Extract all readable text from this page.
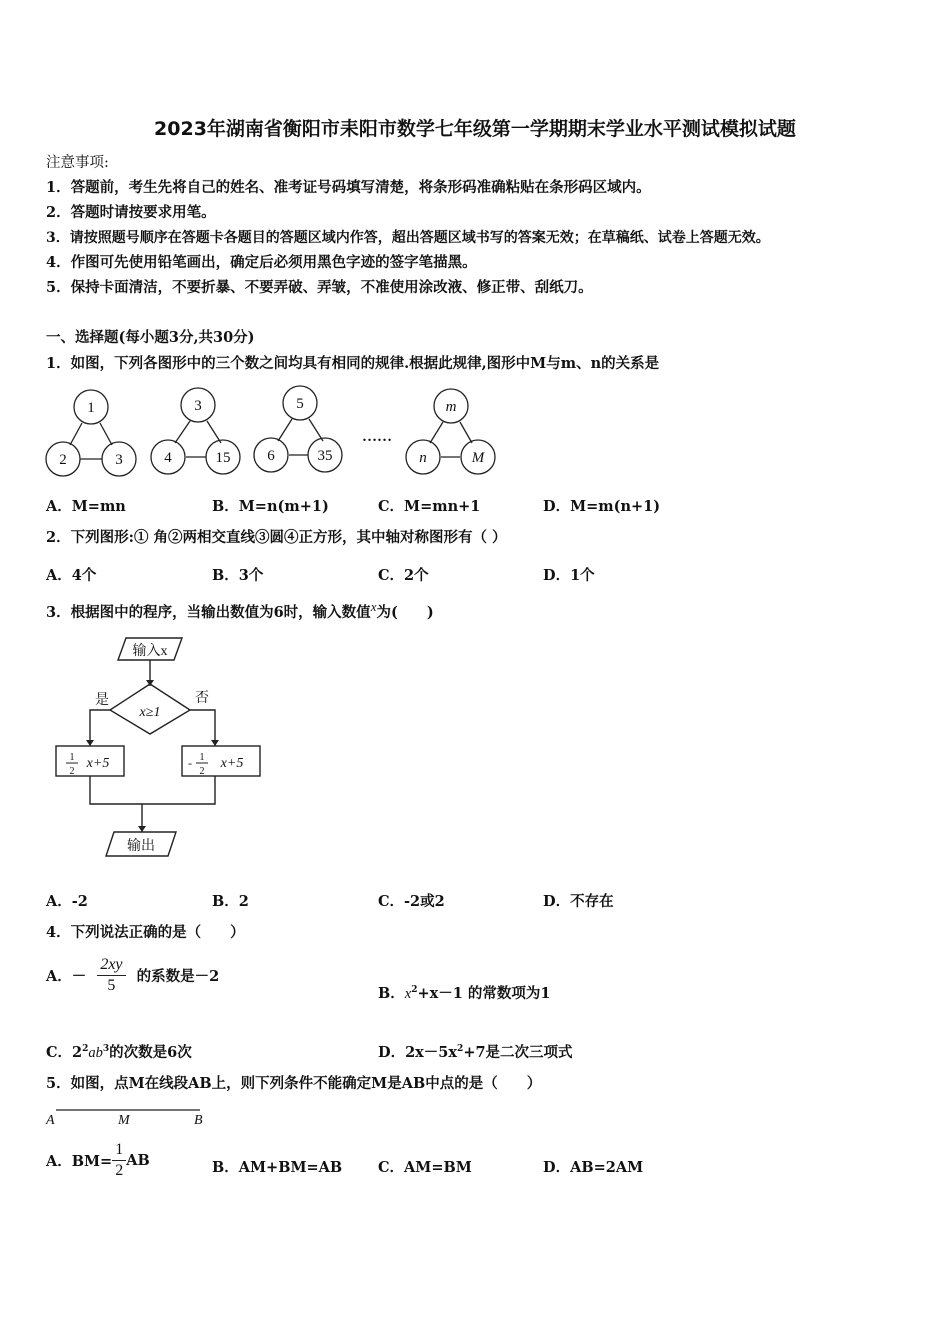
2023年湖南省衡阳市耒阳市数学七年级第一学期期末学业水平测试模拟试题
注意事项:
1．答题前，考生先将自己的姓名、准考证号码填写清楚，将条形码准确粘贴在条形码区域内。
2．答题时请按要求用笔。
3．请按照题号顺序在答题卡各题目的答题区域内作答，超出答题区域书写的答案无效；在草稿纸、试卷上答题无效。
4．作图可先使用铅笔画出，确定后必须用黑色字迹的签字笔描黑。
5．保持卡面清洁，不要折暴、不要弄破、弄皱，不准使用涂改液、修正带、刮纸刀。
一、选择题(每小题3分,共30分)
1．如图，下列各图形中的三个数之间均具有相同的规律.根据此规律,图形中M与m、n的关系是
1
2	3
3
4	15
5
6	35
m
n	M
……
A．M=mn	B．M=n(m+1)	C．M=mn+1	D．M=m(n+1)
2．下列图形:① 角②两相交直线③圆④正方形，其中轴对称图形有（ ）
A．4个	B．3个	C．2个	D．1个
3．根据图中的程序，当输出数值为6时，输入数值x为(　　)
输入x
x≥1
是	否
1
2
x+5	- 1
2
x+5
输出
A．-2	B．2	C．-2或2	D．不存在
4．下列说法正确的是（　　）
A．－ $\frac{2xy}{5}$ 的系数是－2
B．$x^2+x-1$ 的常数项为1
C．$2^2ab^3$的次数是6次	D．$2x-5x^2+7$是二次三项式
5．如图，点M在线段AB上，则下列条件不能确定M是AB中点的是（　　）
A	M	B
A．$BM= \frac{1}{2}$ AB	B．AM+BM=AB C．AM=BM	D．AB=2AM
